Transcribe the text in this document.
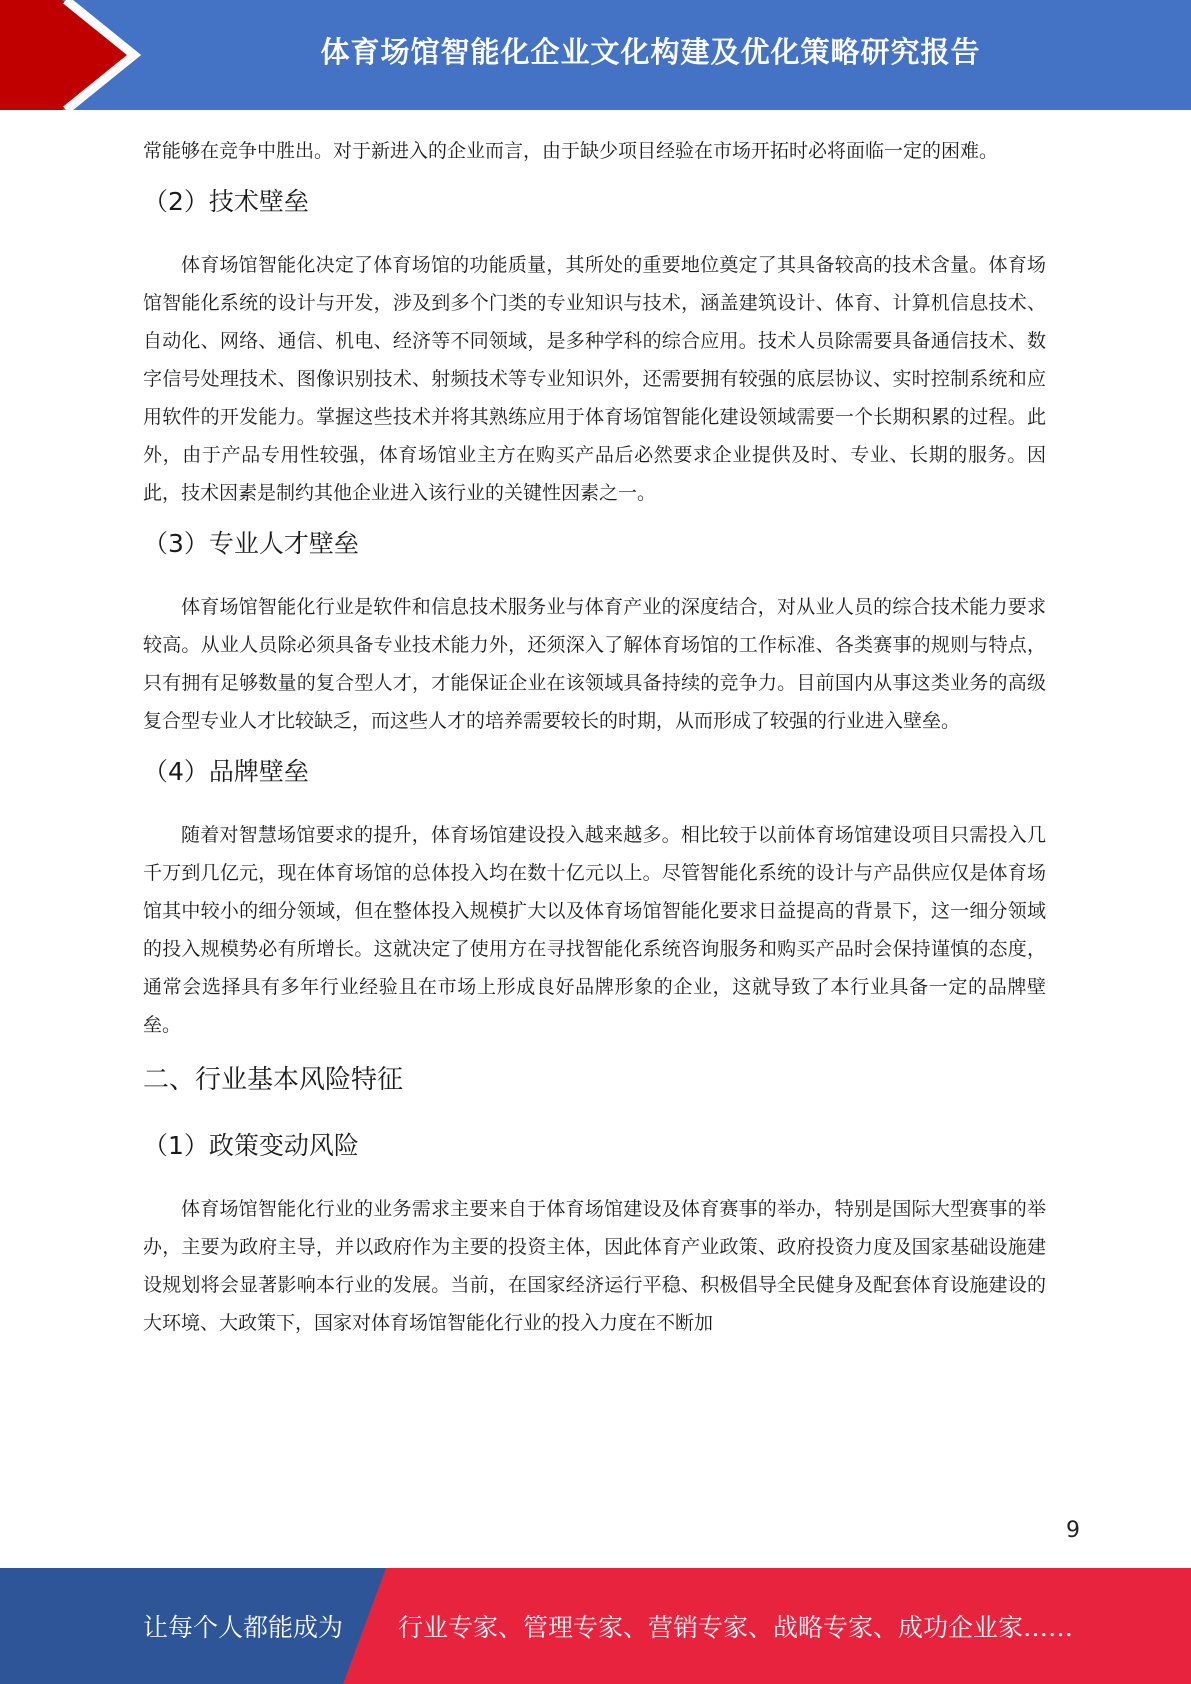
体育场馆智能化企业文化构建及优化策略研究报告

常能够在竞争中胜出。对于新进入的企业而言，由于缺少项目经验在市场开拓时必将面临一定的困难。

（2）技术壁垒

体育场馆智能化决定了体育场馆的功能质量，其所处的重要地位奠定了其具备较高的技术含量。体育场馆智能化系统的设计与开发，涉及到多个门类的专业知识与技术，涵盖建筑设计、体育、计算机信息技术、自动化、网络、通信、机电、经济等不同领域，是多种学科的综合应用。技术人员除需要具备通信技术、数字信号处理技术、图像识别技术、射频技术等专业知识外，还需要拥有较强的底层协议、实时控制系统和应用软件的开发能力。掌握这些技术并将其熟练应用于体育场馆智能化建设领域需要一个长期积累的过程。此外，由于产品专用性较强，体育场馆业主方在购买产品后必然要求企业提供及时、专业、长期的服务。因此，技术因素是制约其他企业进入该行业的关键性因素之一。

（3）专业人才壁垒

体育场馆智能化行业是软件和信息技术服务业与体育产业的深度结合，对从业人员的综合技术能力要求较高。从业人员除必须具备专业技术能力外，还须深入了解体育场馆的工作标准、各类赛事的规则与特点，只有拥有足够数量的复合型人才，才能保证企业在该领域具备持续的竞争力。目前国内从事这类业务的高级复合型专业人才比较缺乏，而这些人才的培养需要较长的时期，从而形成了较强的行业进入壁垒。

（4）品牌壁垒

随着对智慧场馆要求的提升，体育场馆建设投入越来越多。相比较于以前体育场馆建设项目只需投入几千万到几亿元，现在体育场馆的总体投入均在数十亿元以上。尽管智能化系统的设计与产品供应仅是体育场馆其中较小的细分领域，但在整体投入规模扩大以及体育场馆智能化要求日益提高的背景下，这一细分领域的投入规模势必有所增长。这就决定了使用方在寻找智能化系统咨询服务和购买产品时会保持谨慎的态度，通常会选择具有多年行业经验且在市场上形成良好品牌形象的企业，这就导致了本行业具备一定的品牌壁垒。

二、行业基本风险特征
（1）政策变动风险

体育场馆智能化行业的业务需求主要来自于体育场馆建设及体育赛事的举办，特别是国际大型赛事的举办，主要为政府主导，并以政府作为主要的投资主体，因此体育产业政策、政府投资力度及国家基础设施建设规划将会显著影响本行业的发展。当前，在国家经济运行平稳、积极倡导全民健身及配套体育设施建设的大环境、大政策下，国家对体育场馆智能化行业的投入力度在不断加

9
让每个人都能成为 行业专家、管理专家、营销专家、战略专家、成功企业家……
